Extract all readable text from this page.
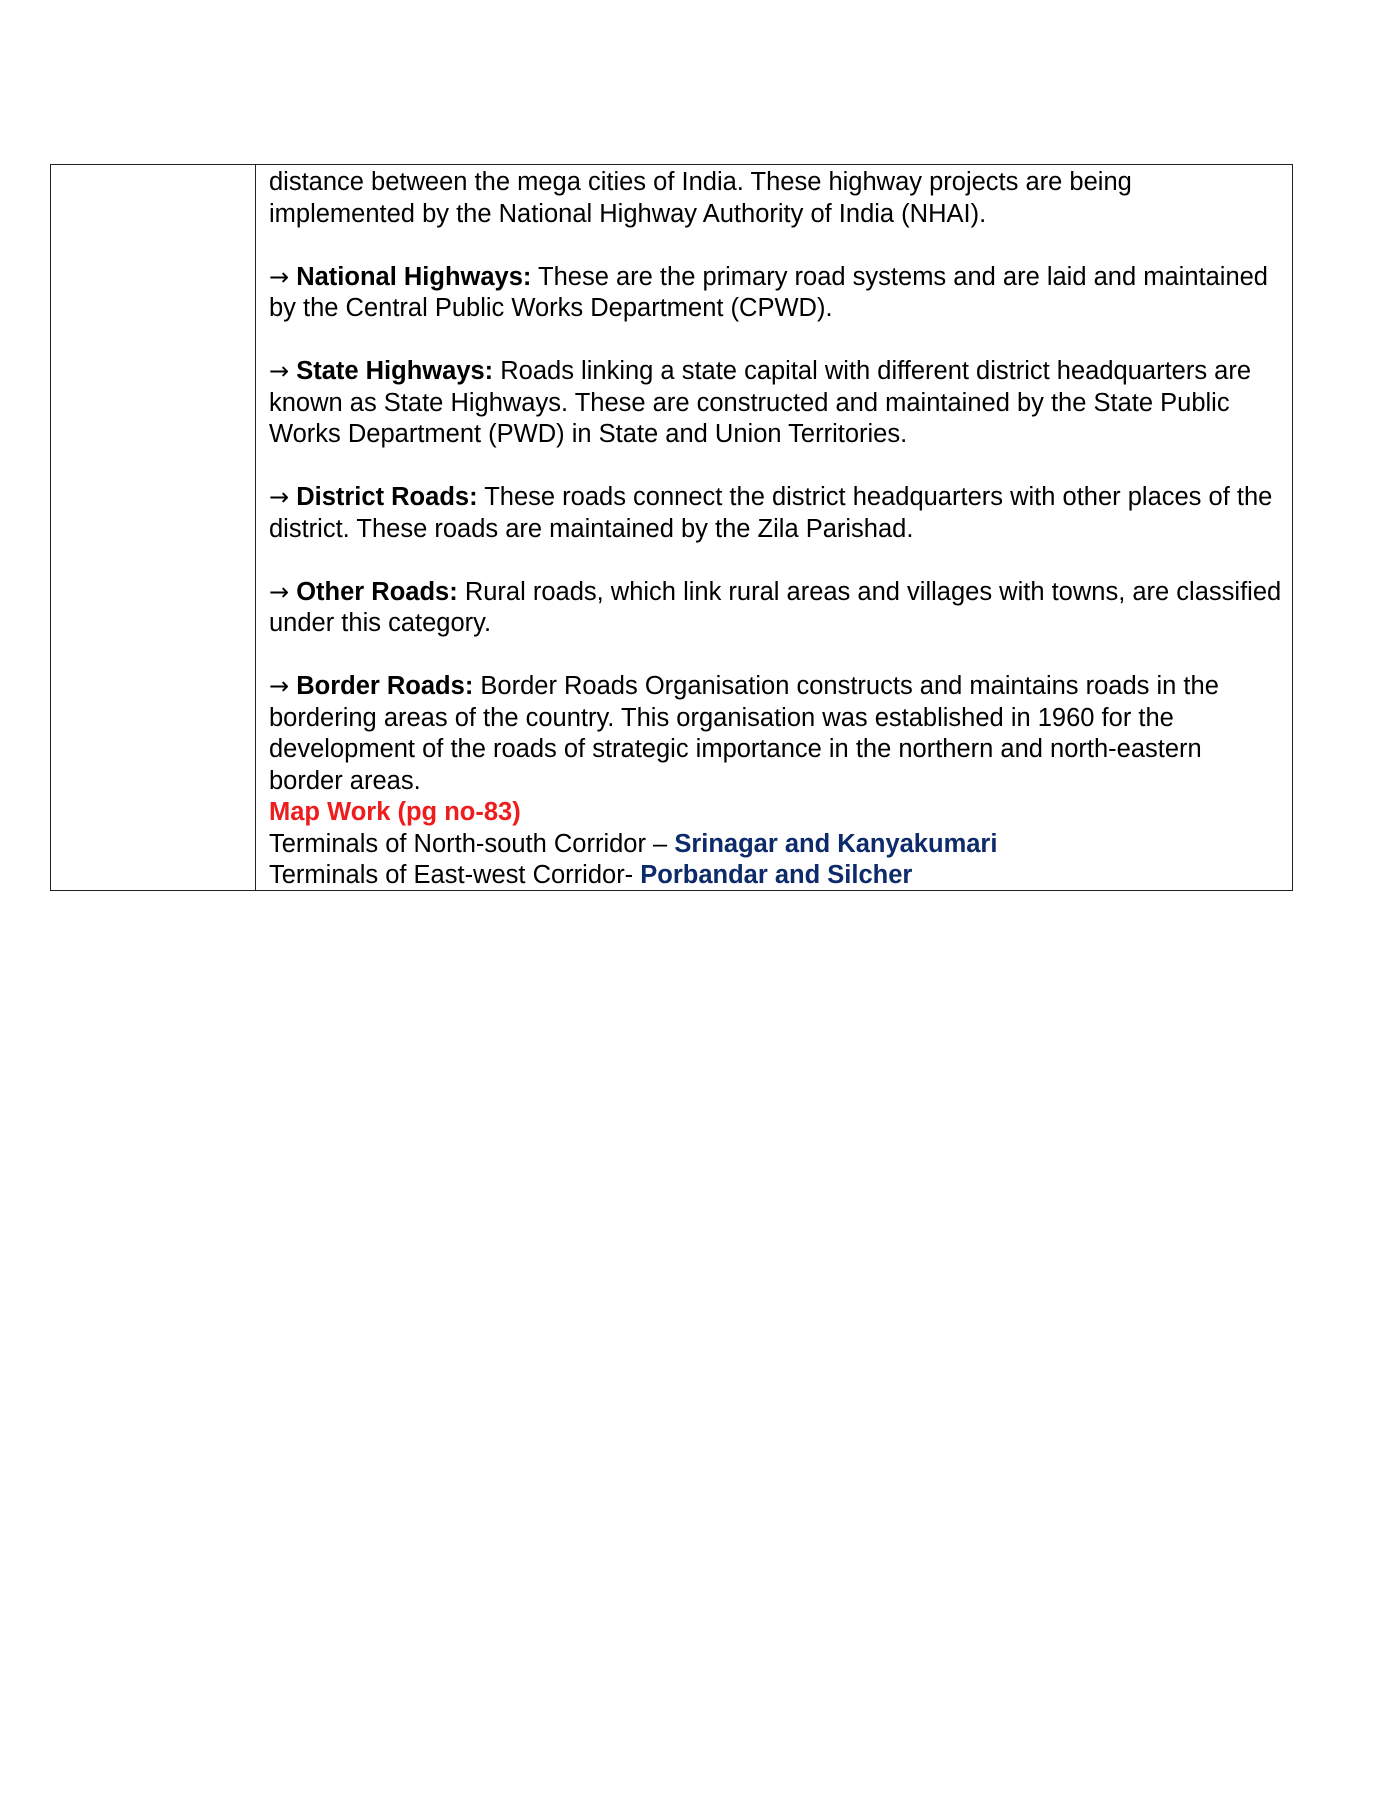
distance between the mega cities of India. These highway projects are being implemented by the National Highway Authority of India (NHAI).

→ National Highways: These are the primary road systems and are laid and maintained by the Central Public Works Department (CPWD).

→ State Highways: Roads linking a state capital with different district headquarters are known as State Highways. These are constructed and maintained by the State Public Works Department (PWD) in State and Union Territories.

→ District Roads: These roads connect the district headquarters with other places of the district. These roads are maintained by the Zila Parishad.

→ Other Roads: Rural roads, which link rural areas and villages with towns, are classified under this category.

→ Border Roads: Border Roads Organisation constructs and maintains roads in the bordering areas of the country. This organisation was established in 1960 for the development of the roads of strategic importance in the northern and north-eastern border areas.

Map Work (pg no-83)

Terminals of North-south Corridor – Srinagar and Kanyakumari

Terminals of East-west Corridor- Porbandar and Silcher
